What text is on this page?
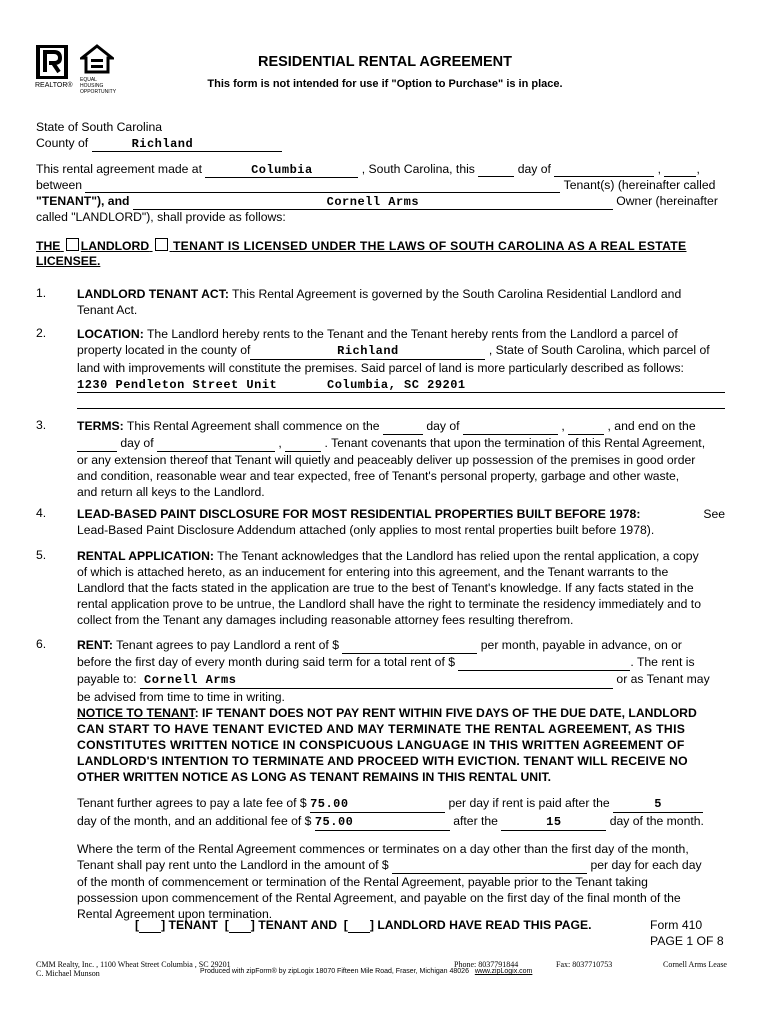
REALTOR®
EQUAL HOUSING
OPPORTUNITY
RESIDENTIAL RENTAL AGREEMENT
This form is not intended for use if "Option to Purchase" is in place.
State of South Carolina
County of	Richland
This rental agreement made at	Columbia	, South Carolina, this	day of	,	,
between	Tenant(s) (hereinafter called
"TENANT"), and	Cornell Arms	Owner (hereinafter
called "LANDLORD"), shall provide as follows:
THE LANDLORD TENANT IS LICENSED UNDER THE LAWS OF SOUTH CAROLINA AS A REAL ESTATE
LICENSEE.
1.	LANDLORD TENANT ACT: This Rental Agreement is governed by the South Carolina Residential Landlord and
Tenant Act.
2.	LOCATION: The Landlord hereby rents to the Tenant and the Tenant hereby rents from the Landlord a parcel of
property located in the county of	Richland	, State of South Carolina, which parcel of
land with improvements will constitute the premises. Said parcel of land is more particularly described as follows:
1230 Pendleton Street Unit	Columbia, SC 29201
3.	TERMS: This Rental Agreement shall commence on the	day of	,	, and end on the
day of	,	. Tenant covenants that upon the termination of this Rental Agreement,
or any extension thereof that Tenant will quietly and peaceably deliver up possession of the premises in good order
and condition, reasonable wear and tear expected, free of Tenant's personal property, garbage and other waste,
and return all keys to the Landlord.
4.	LEAD-BASED PAINT DISCLOSURE FOR MOST RESIDENTIAL PROPERTIES BUILT BEFORE 1978:	See
Lead-Based Paint Disclosure Addendum attached (only applies to most rental properties built before 1978).
5.	RENTAL APPLICATION: The Tenant acknowledges that the Landlord has relied upon the rental application, a copy
of which is attached hereto, as an inducement for entering into this agreement, and the Tenant warrants to the
Landlord that the facts stated in the application are true to the best of Tenant's knowledge. If any facts stated in the
rental application prove to be untrue, the Landlord shall have the right to terminate the residency immediately and to
collect from the Tenant any damages including reasonable attorney fees resulting therefrom.
6.	RENT: Tenant agrees to pay Landlord a rent of $	per month, payable in advance, on or
before the first day of every month during said term for a total rent of $	. The rent is
payable to: Cornell Arms	or as Tenant may
be advised from time to time in writing.
NOTICE TO TENANT: IF TENANT DOES NOT PAY RENT WITHIN FIVE DAYS OF THE DUE DATE, LANDLORD
CAN START TO HAVE TENANT EVICTED AND MAY TERMINATE THE RENTAL AGREEMENT, AS THIS
CONSTITUTES WRITTEN NOTICE IN CONSPICUOUS LANGUAGE IN THIS WRITTEN AGREEMENT OF
LANDLORD'S INTENTION TO TERMINATE AND PROCEED WITH EVICTION. TENANT WILL RECEIVE NO
OTHER WRITTEN NOTICE AS LONG AS TENANT REMAINS IN THIS RENTAL UNIT.
Tenant further agrees to pay a late fee of $ 75.00	per day if rent is paid after the	5
day of the month, and an additional fee of $ 75.00	after the	15	day of the month.
Where the term of the Rental Agreement commences or terminates on a day other than the first day of the month,
Tenant shall pay rent unto the Landlord in the amount of $	per day for each day
of the month of commencement or termination of the Rental Agreement, payable prior to the Tenant taking
possession upon commencement of the Rental Agreement, and payable on the first day of the final month of the
Rental Agreement upon termination.
[ ] TENANT  [ ] TENANT AND  [ ] LANDLORD HAVE READ THIS PAGE.	Form 410
PAGE 1 OF 8
CMM Realty, Inc. , 1100 Wheat Street Columbia , SC 29201
C. Michael Munson
Phone: 8037791844	Fax: 8037710753	Cornell Arms Lease
Produced with zipForm® by zipLogix 18070 Fifteen Mile Road, Fraser, Michigan 48026 www.zipLogix.com
